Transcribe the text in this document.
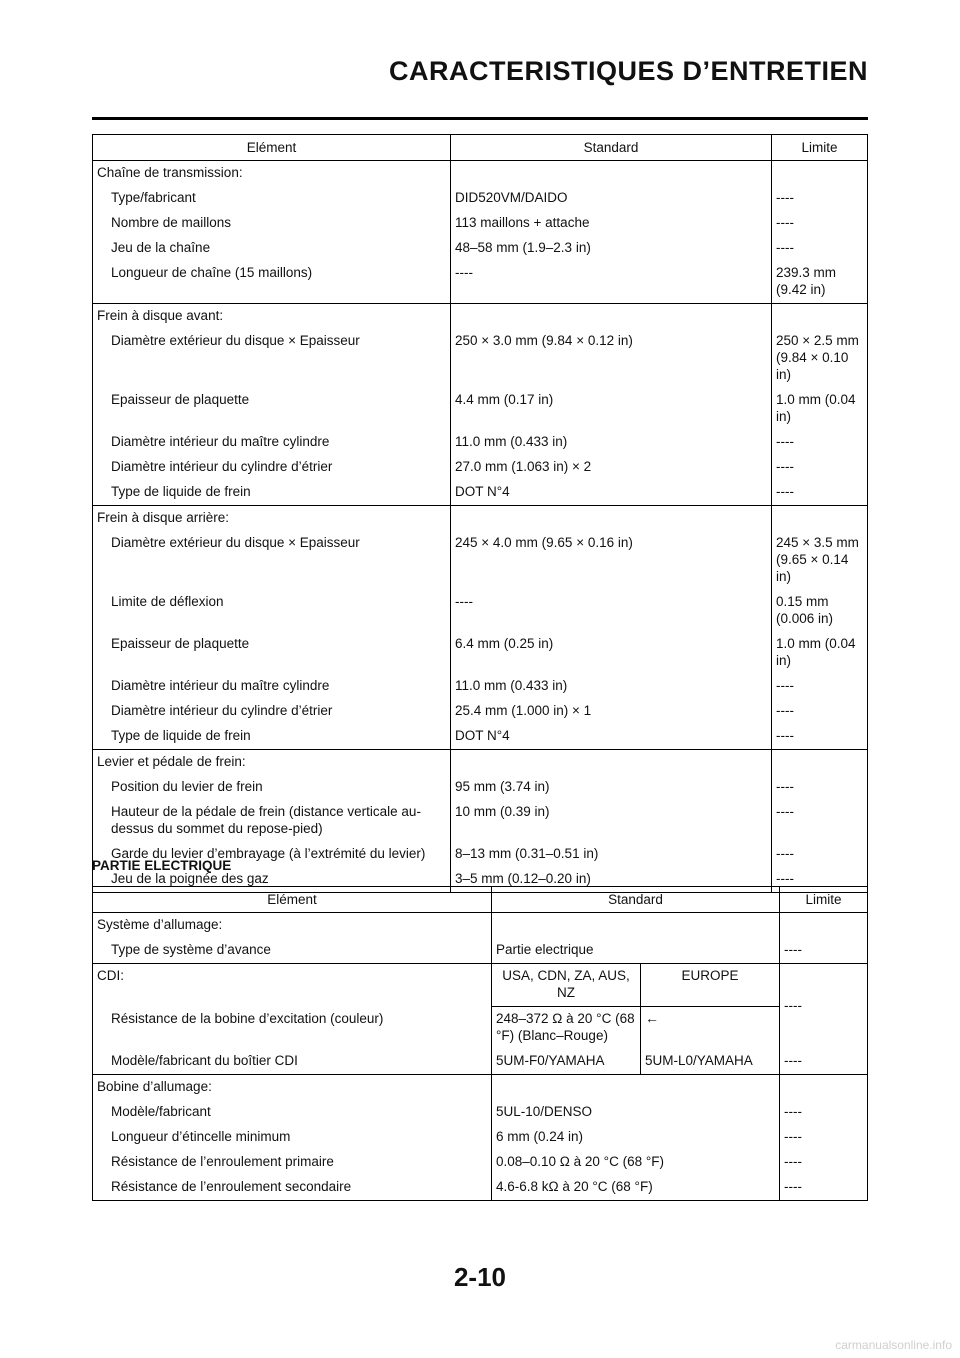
CARACTERISTIQUES D’ENTRETIEN
Elément	Standard	Limite
Chaîne de transmission:		
Type/fabricant	DID520VM/DAIDO	----
Nombre de maillons	113 maillons + attache	----
Jeu de la chaîne	48–58 mm (1.9–2.3 in)	----
Longueur de chaîne (15 maillons)	----	239.3 mm (9.42 in)
Frein à disque avant:		
Diamètre extérieur du disque × Epaisseur	250 × 3.0 mm (9.84 × 0.12 in)	250 × 2.5 mm (9.84 × 0.10 in)
Epaisseur de plaquette	4.4 mm (0.17 in)	1.0 mm (0.04 in)
Diamètre intérieur du maître cylindre	11.0 mm (0.433 in)	----
Diamètre intérieur du cylindre d’étrier	27.0 mm (1.063 in) × 2	----
Type de liquide de frein	DOT N°4	----
Frein à disque arrière:		
Diamètre extérieur du disque × Epaisseur	245 × 4.0 mm (9.65 × 0.16 in)	245 × 3.5 mm (9.65 × 0.14 in)
Limite de déflexion	----	0.15 mm (0.006 in)
Epaisseur de plaquette	6.4 mm (0.25 in)	1.0 mm (0.04 in)
Diamètre intérieur du maître cylindre	11.0 mm (0.433 in)	----
Diamètre intérieur du cylindre d’étrier	25.4 mm (1.000 in) × 1	----
Type de liquide de frein	DOT N°4	----
Levier et pédale de frein:		
Position du levier de frein	95 mm (3.74 in)	----
Hauteur de la pédale de frein (distance verticale au-dessus du sommet du repose-pied)	10 mm (0.39 in)	----
Garde du levier d’embrayage (à l’extrémité du levier)	8–13 mm (0.31–0.51 in)	----
Jeu de la poignée des gaz	3–5 mm (0.12–0.20 in)	----

PARTIE ELECTRIQUE

Elément	Standard		Limite
Système d’allumage:			
Type de système d’avance	Partie electrique		----
CDI:	USA, CDN, ZA, AUS, NZ	EUROPE	----
Résistance de la bobine d’excitation (couleur)	248–372 Ω à 20 °C (68 °F) (Blanc–Rouge)	←	
Modèle/fabricant du boîtier CDI	5UM-F0/YAMAHA	5UM-L0/YAMAHA	----
Bobine d’allumage:			
Modèle/fabricant	5UL-10/DENSO		----
Longueur d’étincelle minimum	6 mm (0.24 in)		----
Résistance de l’enroulement primaire	0.08–0.10 Ω à 20 °C (68 °F)		----
Résistance de l’enroulement secondaire	4.6-6.8 kΩ à 20 °C (68 °F)		----

2-10

carmanualsonline.info
